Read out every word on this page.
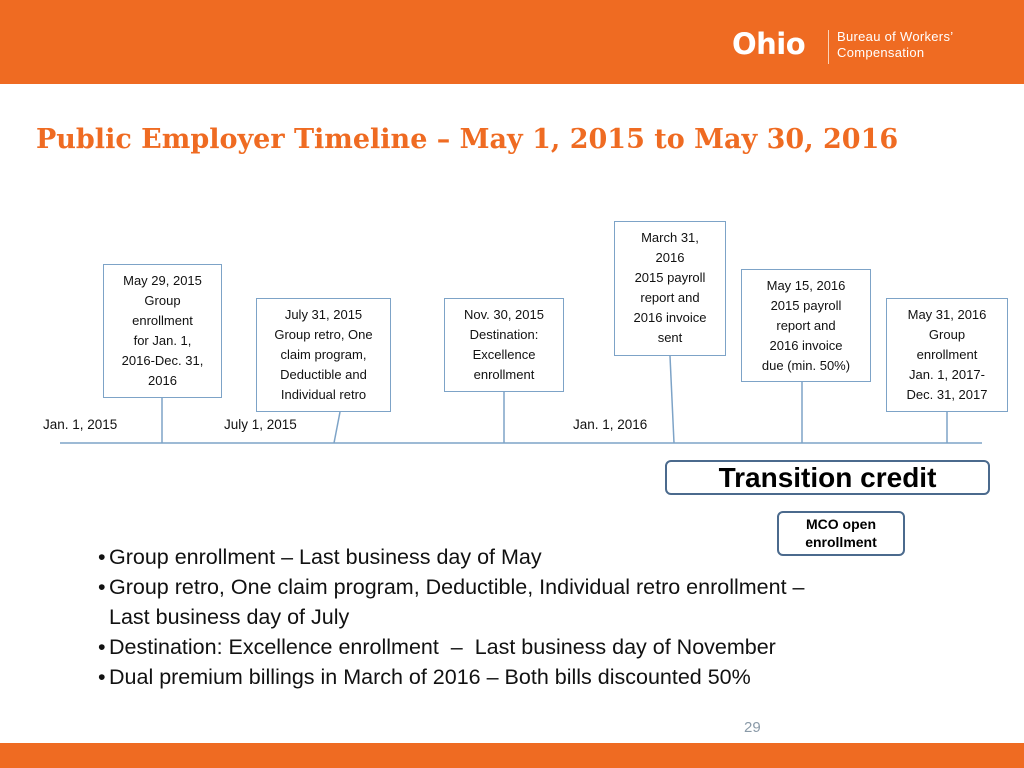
Ohio Bureau of Workers’
Compensation
Public Employer Timeline – May 1, 2015 to May 30, 2016
May 29, 2015
Group
enrollment
for Jan. 1,
2016-Dec. 31,
2016
July 31, 2015
Group retro, One
claim program,
Deductible and
Individual retro
Nov. 30, 2015
Destination:
Excellence
enrollment
March 31,
2016
2015 payroll
report and
2016 invoice
sent
May 15, 2016
2015 payroll
report and
2016 invoice
due (min. 50%)
May 31, 2016
Group
enrollment
Jan. 1, 2017-
Dec. 31, 2017
Jan. 1, 2015	July 1, 2015	Jan. 1, 2016
Transition credit
MCO open
enrollment
• Group enrollment – Last business day of May
• Group retro, One claim program, Deductible, Individual retro enrollment – Last business day of July
• Destination: Excellence enrollment  –  Last business day of November
• Dual premium billings in March of 2016 – Both bills discounted 50%
29
